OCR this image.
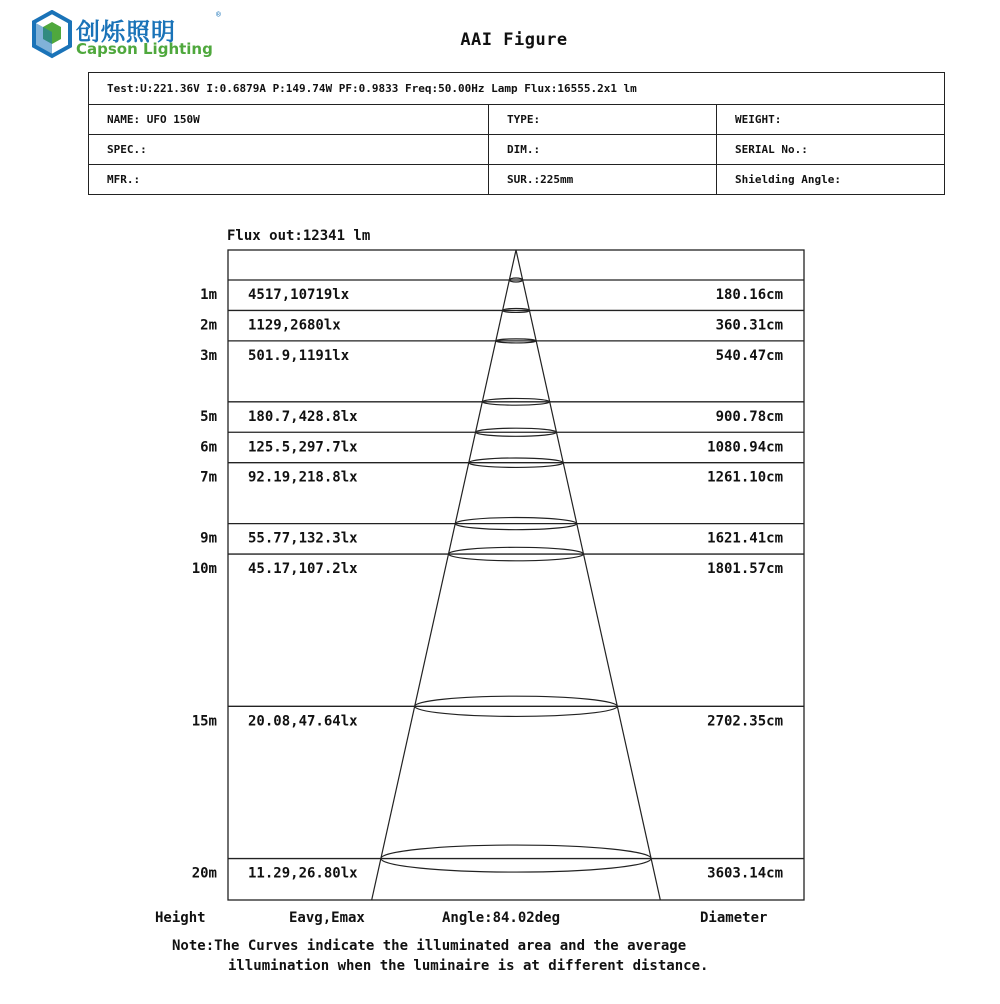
创烁照明
®
Capson Lighting	AAI Figure
Test:U:221.36V I:0.6879A P:149.74W PF:0.9833 Freq:50.00Hz Lamp Flux:16555.2x1 lm		
NAME: UFO 150W	TYPE:	WEIGHT:
SPEC.:	DIM.:	SERIAL No.:
MFR.:	SUR.:225mm	Shielding Angle:
Flux out:12341 lm
1m 4517,10719lx	180.16cm
2m 1129,2680lx	360.31cm
3m 501.9,1191lx	540.47cm
5m 180.7,428.8lx	900.78cm
6m 125.5,297.7lx	1080.94cm
7m 92.19,218.8lx	1261.10cm
9m 55.77,132.3lx	1621.41cm
10m 45.17,107.2lx	1801.57cm
15m 20.08,47.64lx	2702.35cm
20m 11.29,26.80lx	3603.14cm
Height	Eavg,Emax	Angle:84.02deg	Diameter
Note:The Curves indicate the illuminated area and the average
illumination when the luminaire is at different distance.
